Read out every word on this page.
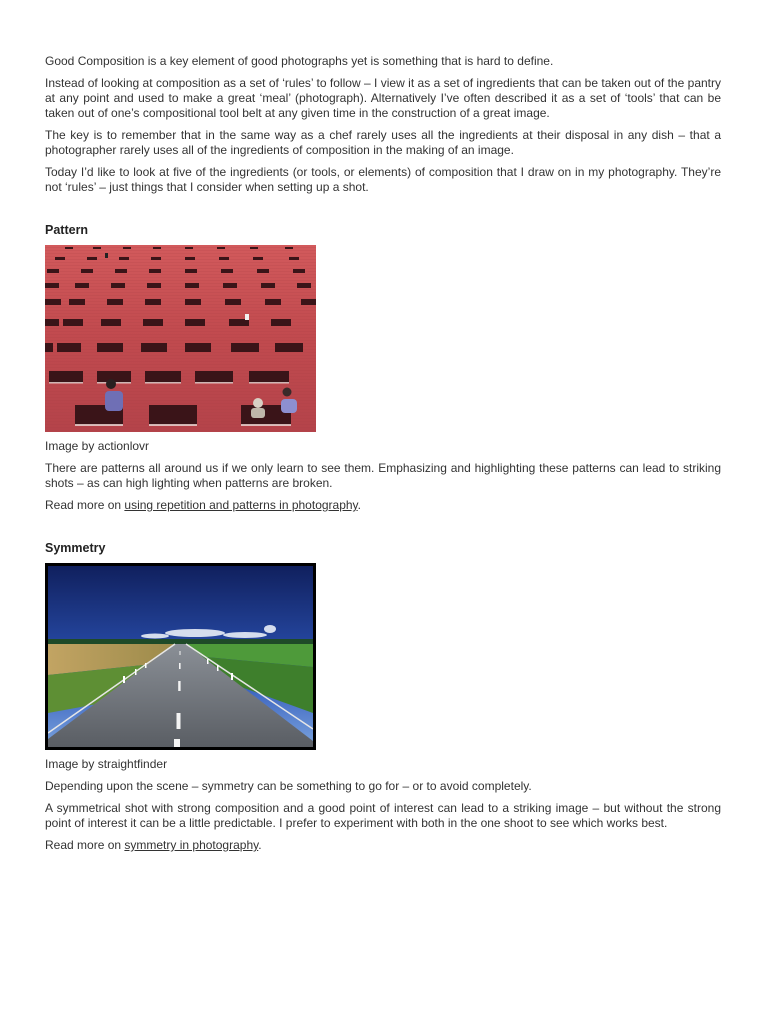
Good Composition is a key element of good photographs yet is something that is hard to define.

Instead of looking at composition as a set of ‘rules’ to follow – I view it as a set of ingredients that can be taken out of the pantry at any point and used to make a great ‘meal’ (photograph). Alternatively I’ve often described it as a set of ‘tools’ that can be taken out of one’s compositional tool belt at any given time in the construction of a great image.

The key is to remember that in the same way as a chef rarely uses all the ingredients at their disposal in any dish – that a photographer rarely uses all of the ingredients of composition in the making of an image.

Today I’d like to look at five of the ingredients (or tools, or elements) of composition that I draw on in my photography. They’re not ‘rules’ – just things that I consider when setting up a shot.

Pattern

Image by actionlovr

There are patterns all around us if we only learn to see them. Emphasizing and highlighting these patterns can lead to striking shots – as can high lighting when patterns are broken.

Read more on using repetition and patterns in photography.

Symmetry

Image by straightfinder

Depending upon the scene – symmetry can be something to go for – or to avoid completely.

A symmetrical shot with strong composition and a good point of interest can lead to a striking image – but without the strong point of interest it can be a little predictable. I prefer to experiment with both in the one shoot to see which works best.

Read more on symmetry in photography.
